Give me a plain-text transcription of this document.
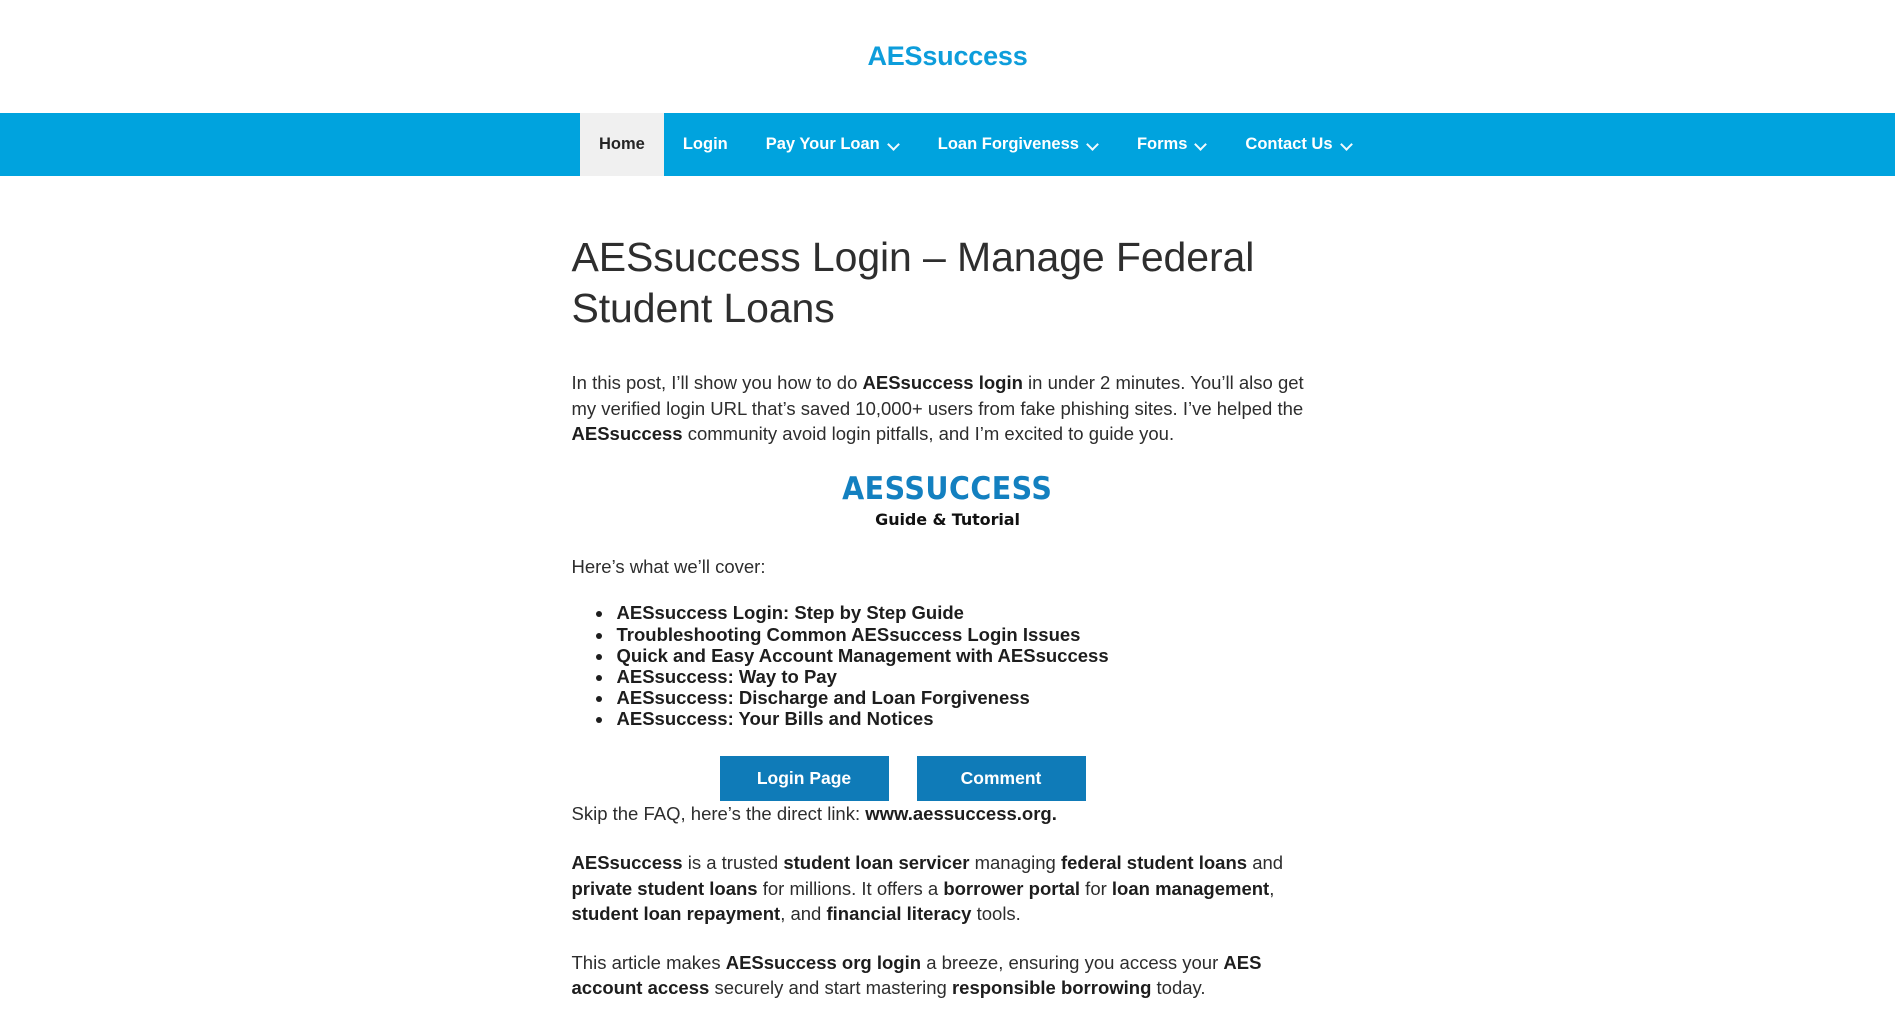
AESsuccess
Home Login Pay Your Loan	Loan Forgiveness	Forms	Contact Us
AESsuccess Login – Manage Federal Student Loans

In this post, I’ll show you how to do AESsuccess login in under 2 minutes. You’ll also get my verified login URL that’s saved 10,000+ users from fake phishing sites. I’ve helped the AESsuccess community avoid login pitfalls, and I’m excited to guide you.

AESSUCCESS
Guide & Tutorial

Here’s what we’ll cover:

• AESsuccess Login: Step by Step Guide
• Troubleshooting Common AESsuccess Login Issues
• Quick and Easy Account Management with AESsuccess
• AESsuccess: Way to Pay
• AESsuccess: Discharge and Loan Forgiveness
• AESsuccess: Your Bills and Notices
Login Page	Comment

Skip the FAQ, here’s the direct link: www.aessuccess.org.

AESsuccess is a trusted student loan servicer managing federal student loans and private student loans for millions. It offers a borrower portal for loan management, student loan repayment, and financial literacy tools.

This article makes AESsuccess org login a breeze, ensuring you access your AES account access securely and start mastering responsible borrowing today.
